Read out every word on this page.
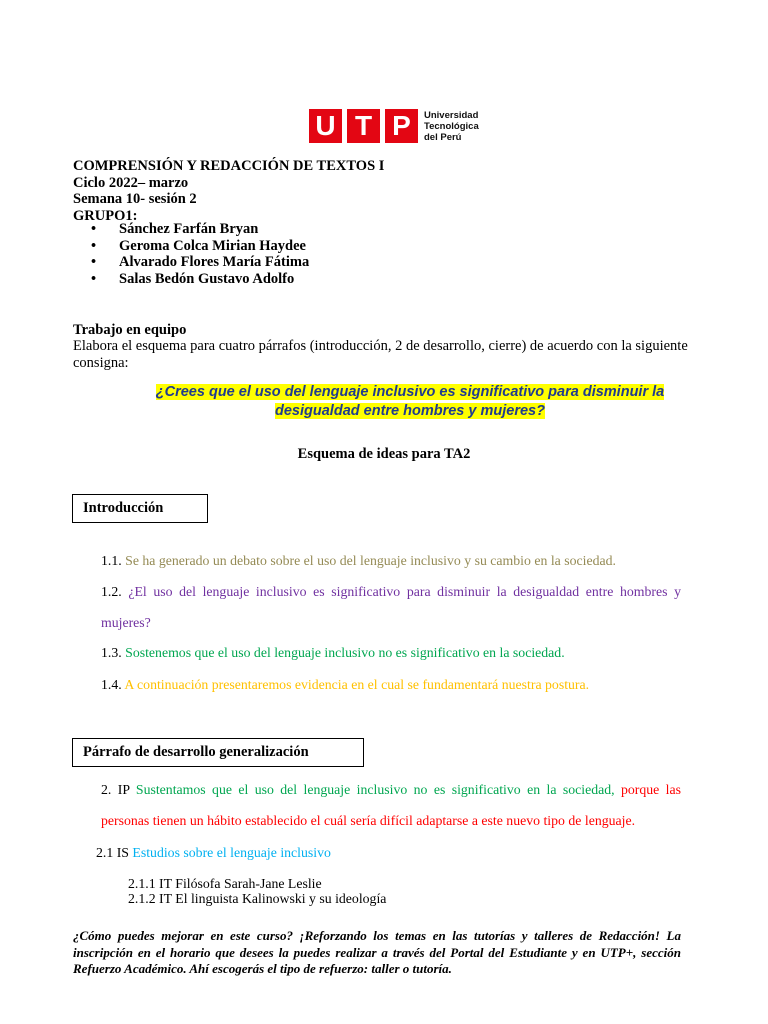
U T P	Universidad
Tecnológica
del Perú
COMPRENSIÓN Y REDACCIÓN DE TEXTOS I
Ciclo 2022– marzo
Semana 10- sesión 2
GRUPO1:
• Sánchez Farfán Bryan
• Geroma Colca Mirian Haydee
• Alvarado Flores María Fátima
• Salas Bedón Gustavo Adolfo
Trabajo en equipo
Elabora el esquema para cuatro párrafos (introducción, 2 de desarrollo, cierre) de acuerdo con la siguiente consigna:
¿Crees que el uso del lenguaje inclusivo es significativo para disminuir la
desigualdad entre hombres y mujeres?
Esquema de ideas para TA2
Introducción
1.1. Se ha generado un debato sobre el uso del lenguaje inclusivo y su cambio en la sociedad.
1.2. ¿El uso del lenguaje inclusivo es significativo para disminuir la desigualdad entre hombres y
mujeres?
1.3. Sostenemos que el uso del lenguaje inclusivo no es significativo en la sociedad.
1.4. A continuación presentaremos evidencia en el cual se fundamentará nuestra postura.
Párrafo de desarrollo generalización
2. IP Sustentamos que el uso del lenguaje inclusivo no es significativo en la sociedad, porque las
personas tienen un hábito establecido el cuál sería difícil adaptarse a este nuevo tipo de lenguaje.
2.1 IS Estudios sobre el lenguaje inclusivo
2.1.1 IT Filósofa Sarah-Jane Leslie
2.1.2 IT El linguista Kalinowski y su ideología
¿Cómo puedes mejorar en este curso? ¡Reforzando los temas en las tutorías y talleres de Redacción! La inscripción en el horario que desees la puedes realizar a través del Portal del Estudiante y en UTP+, sección Refuerzo Académico. Ahí escogerás el tipo de refuerzo: taller o tutoría.
